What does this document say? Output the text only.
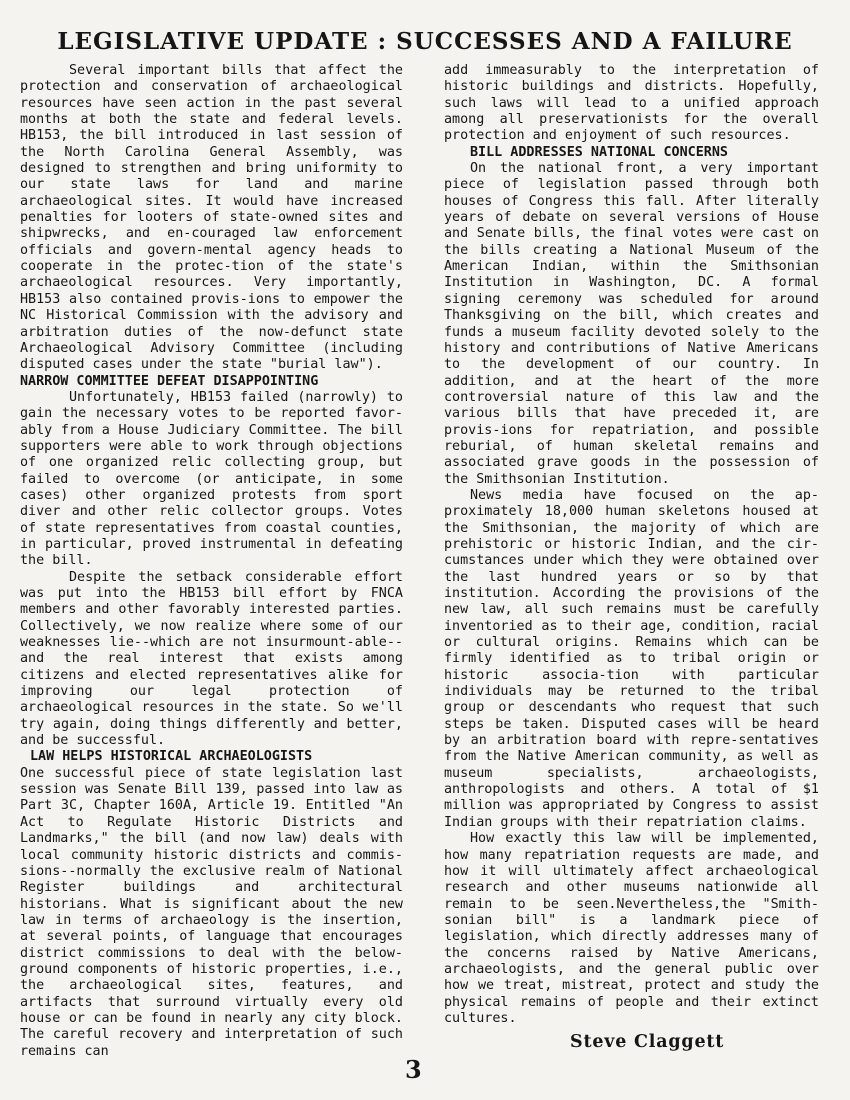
LEGISLATIVE UPDATE : SUCCESSES AND A FAILURE

Several important bills that affect the protection and conservation of archaeological resources have seen action in the past several months at both the state and federal levels. HB153, the bill introduced in last session of the North Carolina General Assembly, was designed to strengthen and bring uniformity to our state laws for land and marine archaeological sites. It would have increased penalties for looters of state-owned sites and shipwrecks, and en-couraged law enforcement officials and govern-mental agency heads to cooperate in the protec-tion of the state's archaeological resources. Very importantly, HB153 also contained provis-ions to empower the NC Historical Commission with the advisory and arbitration duties of the now-defunct state Archaeological Advisory Committee (including disputed cases under the state "burial law").

NARROW COMMITTEE DEFEAT DISAPPOINTING

Unfortunately, HB153 failed (narrowly) to gain the necessary votes to be reported favor-ably from a House Judiciary Committee. The bill supporters were able to work through objections of one organized relic collecting group, but failed to overcome (or anticipate, in some cases) other organized protests from sport diver and other relic collector groups. Votes of state representatives from coastal counties, in particular, proved instrumental in defeating the bill.

Despite the setback considerable effort was put into the HB153 bill effort by FNCA members and other favorably interested parties. Collectively, we now realize where some of our weaknesses lie--which are not insurmount-able--and the real interest that exists among citizens and elected representatives alike for improving our legal protection of archaeological resources in the state. So we'll try again, doing things differently and better, and be successful.

LAW HELPS HISTORICAL ARCHAEOLOGISTS

One successful piece of state legislation last session was Senate Bill 139, passed into law as Part 3C, Chapter 160A, Article 19. Entitled "An Act to Regulate Historic Districts and Landmarks," the bill (and now law) deals with local community historic districts and commis-sions--normally the exclusive realm of National Register buildings and architectural historians. What is significant about the new law in terms of archaeology is the insertion, at several points, of language that encourages district commissions to deal with the below-ground components of historic properties, i.e., the archaeological sites, features, and artifacts that surround virtually every old house or can be found in nearly any city block. The careful recovery and interpretation of such remains can

add immeasurably to the interpretation of historic buildings and districts. Hopefully, such laws will lead to a unified approach among all preservationists for the overall protection and enjoyment of such resources.

BILL ADDRESSES NATIONAL CONCERNS

On the national front, a very important piece of legislation passed through both houses of Congress this fall. After literally years of debate on several versions of House and Senate bills, the final votes were cast on the bills creating a National Museum of the American Indian, within the Smithsonian Institution in Washington, DC. A formal signing ceremony was scheduled for around Thanksgiving on the bill, which creates and funds a museum facility devoted solely to the history and contributions of Native Americans to the development of our country. In addition, and at the heart of the more controversial nature of this law and the various bills that have preceded it, are provis-ions for repatriation, and possible reburial, of human skeletal remains and associated grave goods in the possession of the Smithsonian Institution.

News media have focused on the ap-proximately 18,000 human skeletons housed at the Smithsonian, the majority of which are prehistoric or historic Indian, and the cir-cumstances under which they were obtained over the last hundred years or so by that institution. According the provisions of the new law, all such remains must be carefully inventoried as to their age, condition, racial or cultural origins. Remains which can be firmly identified as to tribal origin or historic associa-tion with particular individuals may be returned to the tribal group or descendants who request that such steps be taken. Disputed cases will be heard by an arbitration board with repre-sentatives from the Native American community, as well as museum specialists, archaeologists, anthropologists and others. A total of $1 million was appropriated by Congress to assist Indian groups with their repatriation claims.

How exactly this law will be implemented, how many repatriation requests are made, and how it will ultimately affect archaeological research and other museums nationwide all remain to be seen.Nevertheless,the "Smith-sonian bill" is a landmark piece of legislation, which directly addresses many of the concerns raised by Native Americans, archaeologists, and the general public over how we treat, mistreat, protect and study the physical remains of people and their extinct cultures.

3
Steve Claggett
